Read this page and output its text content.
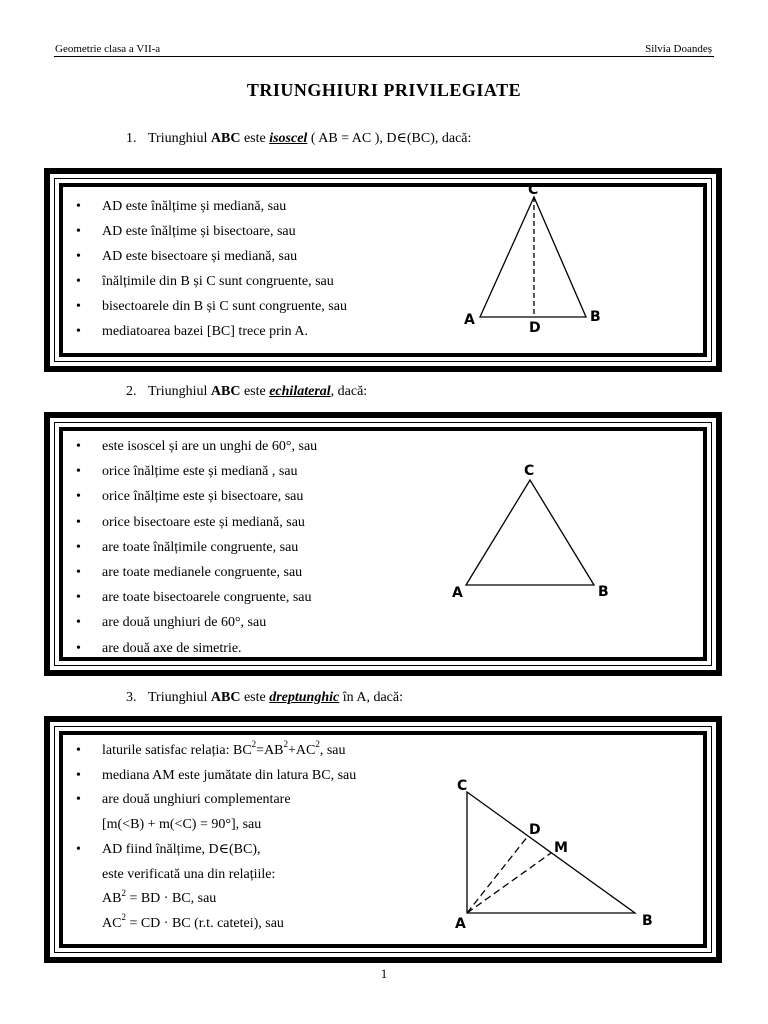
Geometrie clasa a VII-a	Silvia Doandeș
TRIUNGHIURI PRIVILEGIATE
1. Triunghiul ABC este isoscel ( AB = AC ), D∈(BC), dacă:
• AD este înălțime și mediană, sau
• AD este înălțime și bisectoare, sau
• AD este bisectoare și mediană, sau
• înălțimile din B și C sunt congruente, sau
• bisectoarele din B și C sunt congruente, sau
• mediatoarea bazei [BC] trece prin A.
C
A	B
D
2. Triunghiul ABC este echilateral, dacă:
• este isoscel și are un unghi de 60°, sau
• orice înălțime este și mediană , sau
• orice înălțime este și bisectoare, sau
• orice bisectoare este și mediană, sau
• are toate înălțimile congruente, sau
• are toate medianele congruente, sau
• are toate bisectoarele congruente, sau
• are două unghiuri de 60°, sau
• are două axe de simetrie.
C
A	B
3. Triunghiul ABC este dreptunghic în A, dacă:
• laturile satisfac relația: $BC^2=AB^2+AC^2$, sau
• mediana AM este jumătate din latura BC, sau
• are două unghiuri complementare
[m(<B) + m(<C) = 90°], sau
• AD fiind înălțime, D∈(BC),
este verificată una din relațiile:
$AB^2$ = BD · BC, sau
$AC^2$ = CD · BC (r.t. catetei), sau
C
A	B
D
M
1
